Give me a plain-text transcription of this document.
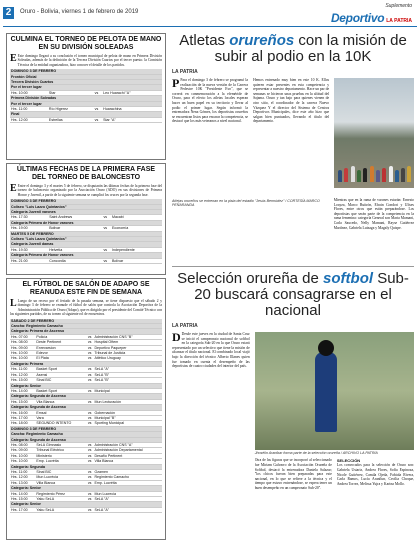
2	Oruro - Bolivia, viernes 1 de febrero de 2019
Suplemento
Deportivo LA PATRIA
CULMINA EL TORNEO DE PELOTA DE MANO EN SU DIVISIÓN SOLEADAS
E Este domingo llegará a su conclusión el torneo municipal de pelota de mano en Primera División Soleadas, además de la definición de la Tercera División Cuartos por el tercer puesto. la Comisión Técnica de la entidad organizadora, hizo conocer el detalle de los partidos.
DOMINGO 3 DE FEBRERO			
Frontón Oficial			
Tercera División Cuartos			
Por el tercer lugar			
Hrs. 10:00	Star	vs	Leo Huarachi "A"
Primera División Soleadas			
Por el tercer lugar			
Hrs. 11:00	Río Higerez	vs	Huarachina
Final			
Hrs. 12:00	Estrellas	vs	Star "A"
ÚLTIMAS FECHAS DE LA PRIMERA FASE DEL TORNEO DE BALONCESTO
E Entre el domingo 3 y el martes 5 de febrero, se disputarán las últimas fechas de la primera fase del torneo de baloncesto organizado por la Asociación Oruro (ADO) en sus divisiones de Primera Honor y Juvenil, a partir de la siguiente semana se cumplirá los cruces por la segunda fase.
DOMINGO 3 DE FEBRERO			
Coliseo "Luis Lazzo Quintanios"			
Categoría Juvenil varones			
Hrs. 17:30	Saint Andrews	vs	Macabi
Categoría Primera de Honor varones			
Hrs. 19:00	Bolivar	vs	Economía
MARTES 5 DE FEBRERO			
Coliseo "Luis Lazzo Quintanios"			
Categoría Juvenil damas			
Hrs. 19:30	Helvetia	vs	Independiente
Categoría Primera de Honor varones			
Hrs. 21:00	Concordia	vs	Bolívar
EL FÚTBOL DE SALÓN DE ADAPO SE REANUDA ESTE FIN DE SEMANA
L Luego de un receso por el feriado de la pasada semana, se tiene dispuesto que el sábado 2 y domingo 3 de febrero se reanude el fútbol de salón que controla la Asociación Deportiva de la Administración Pública de Oruro (Adapo), que es dirigido por el presidente del Comité Técnico con las siguientes partidos, de su torneo al siguiente rol de encuentros.
SÁBADO 2 DE FEBRERO			
Cancha: Regimiento Camacho			
Categoría: Primera de Ascenso			
Hrs. 07:00	Policía	vs	Administración CNS "B"
Hrs. 08:00	Deste Pertinent	vs	Hospital Oftem
Hrs. 09:00	Enrevarsion	vs	Deportivo Paqueper
Hrs. 10:00	Edevor	vs	Tribunal de Justicia
Hrs. 10:00	El Plata	vs	Atlético Uruguay
Categoría: Primera			
Hrs. 11:00	Basket Sport	vs	SeLA "A"
Hrs. 12:00	Asensi	vs	SeLA "B"
Hrs. 15:00	Sinal BIC	vs	SeLA "B"
Categoría: Senior			
Hrs. 14:00	Basket Sport	vs	Municipal
Categoría: Segunda de Ascenso			
Hrs. 15:00	Vila Blanca	vs	Mun Lecturación
Categoría: Segunda de Ascenso			
Hrs. 16:00	Emsal	vs	Gobernación
Hrs. 17:00	Vara	vs	Municipal "B"
Hrs. 18:00	SEGUNDO INTENTO	vs	Sporting Municipal
DOMINGO 3 DE FEBRERO			
Cancha: Regimiento Camacho			
Categoría: Segunda de Ascenso			
Hrs. 08:00	SeLA Gimnasio	vs	Administración CNS "A"
Hrs. 09:00	Tribunal Eléctrico	vs	Administración Departamental
Hrs. 10:00	Ministerio	vs	Desafío Pertinent
Hrs. 10:00	Emp. Lucrétia	vs	Villa Blanca
Categoría: Segunda			
Hrs. 11:00	Sinal BIC	vs	Ozamen
Hrs. 12:00	Mun Lucrécia	vs	Regimiento Camacho
Hrs. 13:00	Villa Blanca	vs	Emp. Lucrétia
Categoría: Senior			
Hrs. 14:00	Regimiento Pérez	vs	Mun Lucrecia
Hrs. 15:00	Yaku SeLA	vs	SeLA "A"
Categoría: Senior			
Hrs. 17:00	Yaku SeLA	vs	SeLA "A"
Atletas orureños con la misión de subir al podio en la 10K
LA PATRIA
P Para el domingo 3 de febrero se programó la realización de la nueva versión de la Carrera Pedestre 10K "Presidente Evo", que se correrá en conmemoración a la efeméride de Oruro, para el efecto los atletas locales esperan hacer un buen papel en su territorio y llevar al podio el primer lugar. Según informó la entrenadora Nena Gómez, los deportistas orureños se encuentran listos para encarar la competencia, se destacó que los más veteranos a nivel nacional.
Hemos entrenado muy bien en este 10 K. Ellos quieren estar presentes en esta competencia y representar a nuestro departamento. Hace un par de semanas se hicieron unas pruebas en la altitud del Sajama. Oruro y tan bajo para quienes vienen de otro sitio, el coordinador de la carrera Nuevo Vázquez Y el director del Sistema de Centros Deportivos Municipales, dice este año hizo que salgan bien puntuados, llevando el título del departamento.
Atletas orureños se entrenan en la pista del estadio "Jesús Bermúdez" / CORTESÍA MARCO PEÑARANDA
Mientras que en la rama de varones estarán: Ernesto Loayza, Marco Buitrón, Efrain Condori y Ulises Flores, entre otros que están preparándose. Los deportistas que serán parte de la competencia en la rama femenina: categoría General son Marta Mamani, Carla Saucedo, Nelly Mamani, Rayse Gutiérrez Martínez, Gabriela Luizaga y Magaly Quispe.
Selección orureña de softbol Sub-20 buscará consagrarse en el nacional
LA PATRIA
D Desde este jueves en la ciudad de Santa Cruz se inició el campeonato nacional de softbol en la categoría Sub-20 en la que Oruro estará representado por un selectivo que tiene la misión de alcanzar el título nacional. El combinado local viajó bajo la dirección del técnico Alberto Illanes quien fue tomado en cuenta el desempeño de las deportistas de cuatro ciudades del interior del país.
Jhosélin Aranibar forma parte de la selección orureña / ARCHIVO LA PATRIA
Otra de las figuras que se incorporó al seleccionado fue Miriam Galvarro de la Asociación Orureña de Softbol, destacó la entrenadora Daniela Salazar; "los chicos fueron bien preparadas para este nacional, en lo que se refiere a la técnica y el tiempo que estuvo entrenándose, se espera tener un buen desempeño en un campeonato Sub-20".
SELECCIÓN
Los convocados para la selección de Oruro son: Gabriela Ustariz, Andrea Flores, Sofía Espinoza, Nicole Gutiérrez, Camila Ojeda, Fabiola Rivera, Carla Ramos, Lucía Aranibar, Cecilia Choque, Andrea Torrez, Melissa Yujra y Karina Mollo.
